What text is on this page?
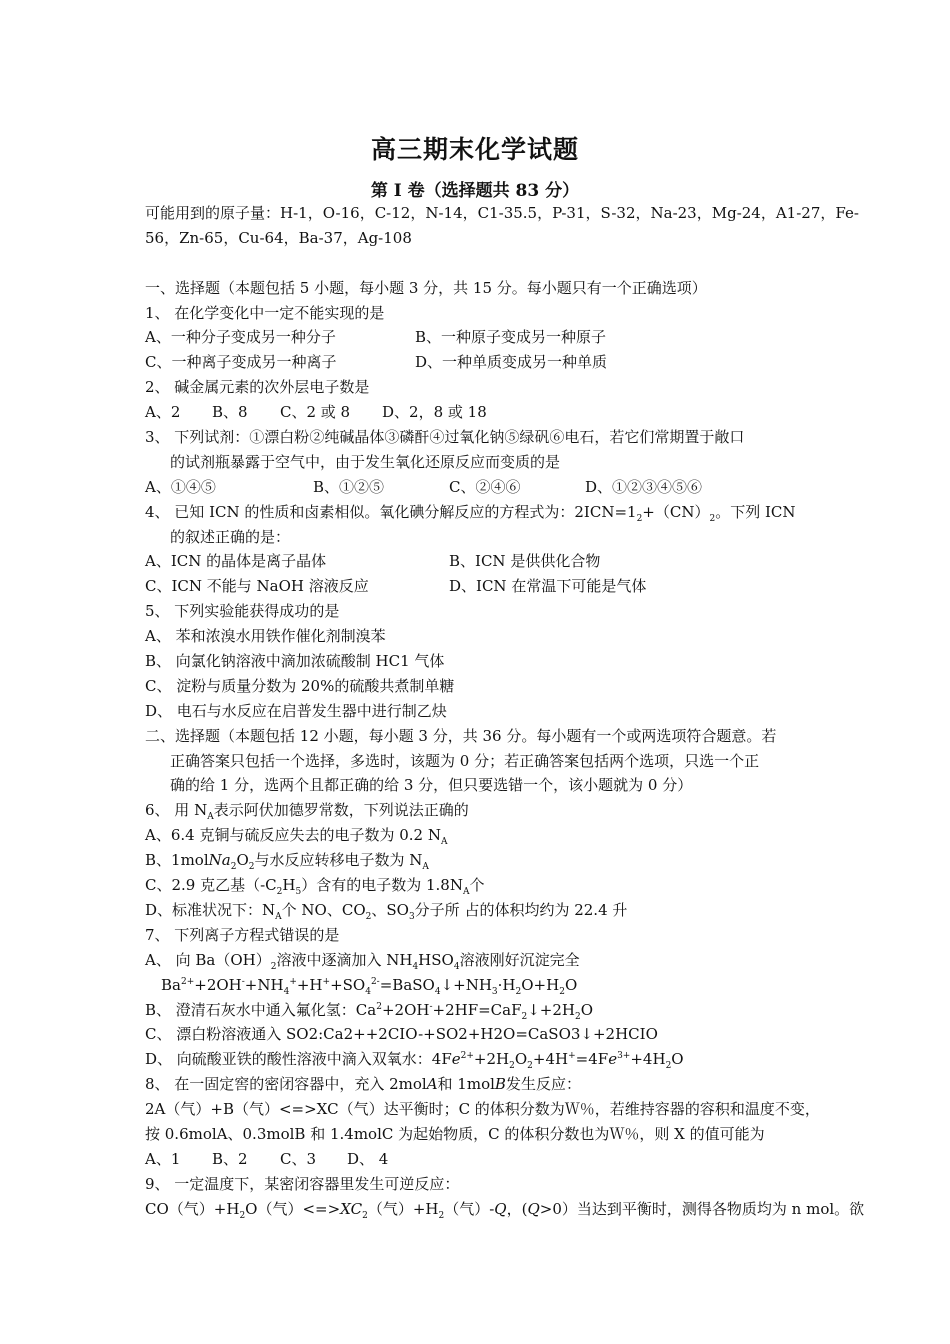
高三期末化学试题
第 I 卷（选择题共 83 分）
可能用到的原子量：H-1，O-16，C-12，N-14，C1-35.5，P-31，S-32，Na-23，Mg-24，A1-27，Fe-
56，Zn-65，Cu-64，Ba-37，Ag-108
一、选择题（本题包括 5 小题，每小题 3 分，共 15 分。每小题只有一个正确选项）
1、 在化学变化中一定不能实现的是
A、一种分子变成另一种分子	B、一种原子变成另一种原子
C、一种离子变成另一种离子	D、一种单质变成另一种单质
2、 碱金属元素的次外层电子数是
A、2 B、8 C、2 或 8 D、2，8 或 18
3、 下列试剂：①漂白粉②纯碱晶体③磷酐④过氧化钠⑤绿矾⑥电石，若它们常期置于敞口
的试剂瓶暴露于空气中，由于发生氧化还原反应而变质的是
A、①④⑤	B、①②⑤	C、②④⑥	D、①②③④⑤⑥
4、 已知 ICN 的性质和卤素相似。氧化碘分解反应的方程式为：$2ICN=1_2+(CN)_2$。下列 ICN
的叙述正确的是：
A、ICN 的晶体是离子晶体	B、ICN 是供供化合物
C、ICN 不能与 NaOH 溶液反应	D、ICN 在常温下可能是气体
5、 下列实验能获得成功的是
A、 苯和浓溴水用铁作催化剂制溴苯
B、 向氯化钠溶液中滴加浓硫酸制 HC1 气体
C、 淀粉与质量分数为 20%的硫酸共煮制单糖
D、 电石与水反应在启普发生器中进行制乙炔
二、选择题（本题包括 12 小题，每小题 3 分，共 36 分。每小题有一个或两选项符合题意。若
正确答案只包括一个选择，多选时，该题为 0 分；若正确答案包括两个选项，只选一个正
确的给 1 分，选两个且都正确的给 3 分，但只要选错一个，该小题就为 0 分）
6、 用 $N_A$表示阿伏加德罗常数，下列说法正确的
A、6.4 克铜与硫反应失去的电子数为 0.2 $N_A$
B、$1molNa_2O_2$与水反应转移电子数为 $N_A$
C、2.9 克乙基$(-C_2H_5)$含有的电子数为 $1.8N_A$个
D、标准状况下：$N_A$个 NO、$CO_2$、$SO_3$分子所 占的体积均约为 22.4 升
7、 下列离子方程式错误的是
A、 向 $Ba(OH)_2$溶液中逐滴加入 $NH_4HSO_4$溶液刚好沉淀完全
$Ba^{2+}+2OH^-+NH_4^++H^++SO_4^{2-}=BaSO_4↓+NH_3\cdot H_2O+H_2O$
B、 澄清石灰水中通入氟化氢：$Ca^2+2OH^-+2HF=CaF_2↓+2H_2O$
C、 漂白粉溶液通入 SO2:Ca2++2CIO-+SO2+H2O=CaSO3↓+2HCIO
D、 向硫酸亚铁的酸性溶液中滴入双氧水：$4Fe^{2+}+2H_2O_2+4H^+=4Fe^{3+}+4H_2O$
8、 在一固定窖的密闭容器中，充入 2molA和 1molB发生反应：
2A（气）+B（气）<=>XC（气）达平衡时；C 的体积分数为Ｗ％，若维持容器的容积和温度不变，
按 0.6molA、0.3molB 和 1.4molC 为起始物质，C 的体积分数也为Ｗ％，则 X 的值可能为
A、1 B、2 C、3 D、 4
9、 一定温度下，某密闭容器里发生可逆反应：
CO（气）$+H_2O$（气）$<=>XC_2$（气）$+H_2$（气）-Q，(Q>0）当达到平衡时，测得各物质均为 n mol。欲
